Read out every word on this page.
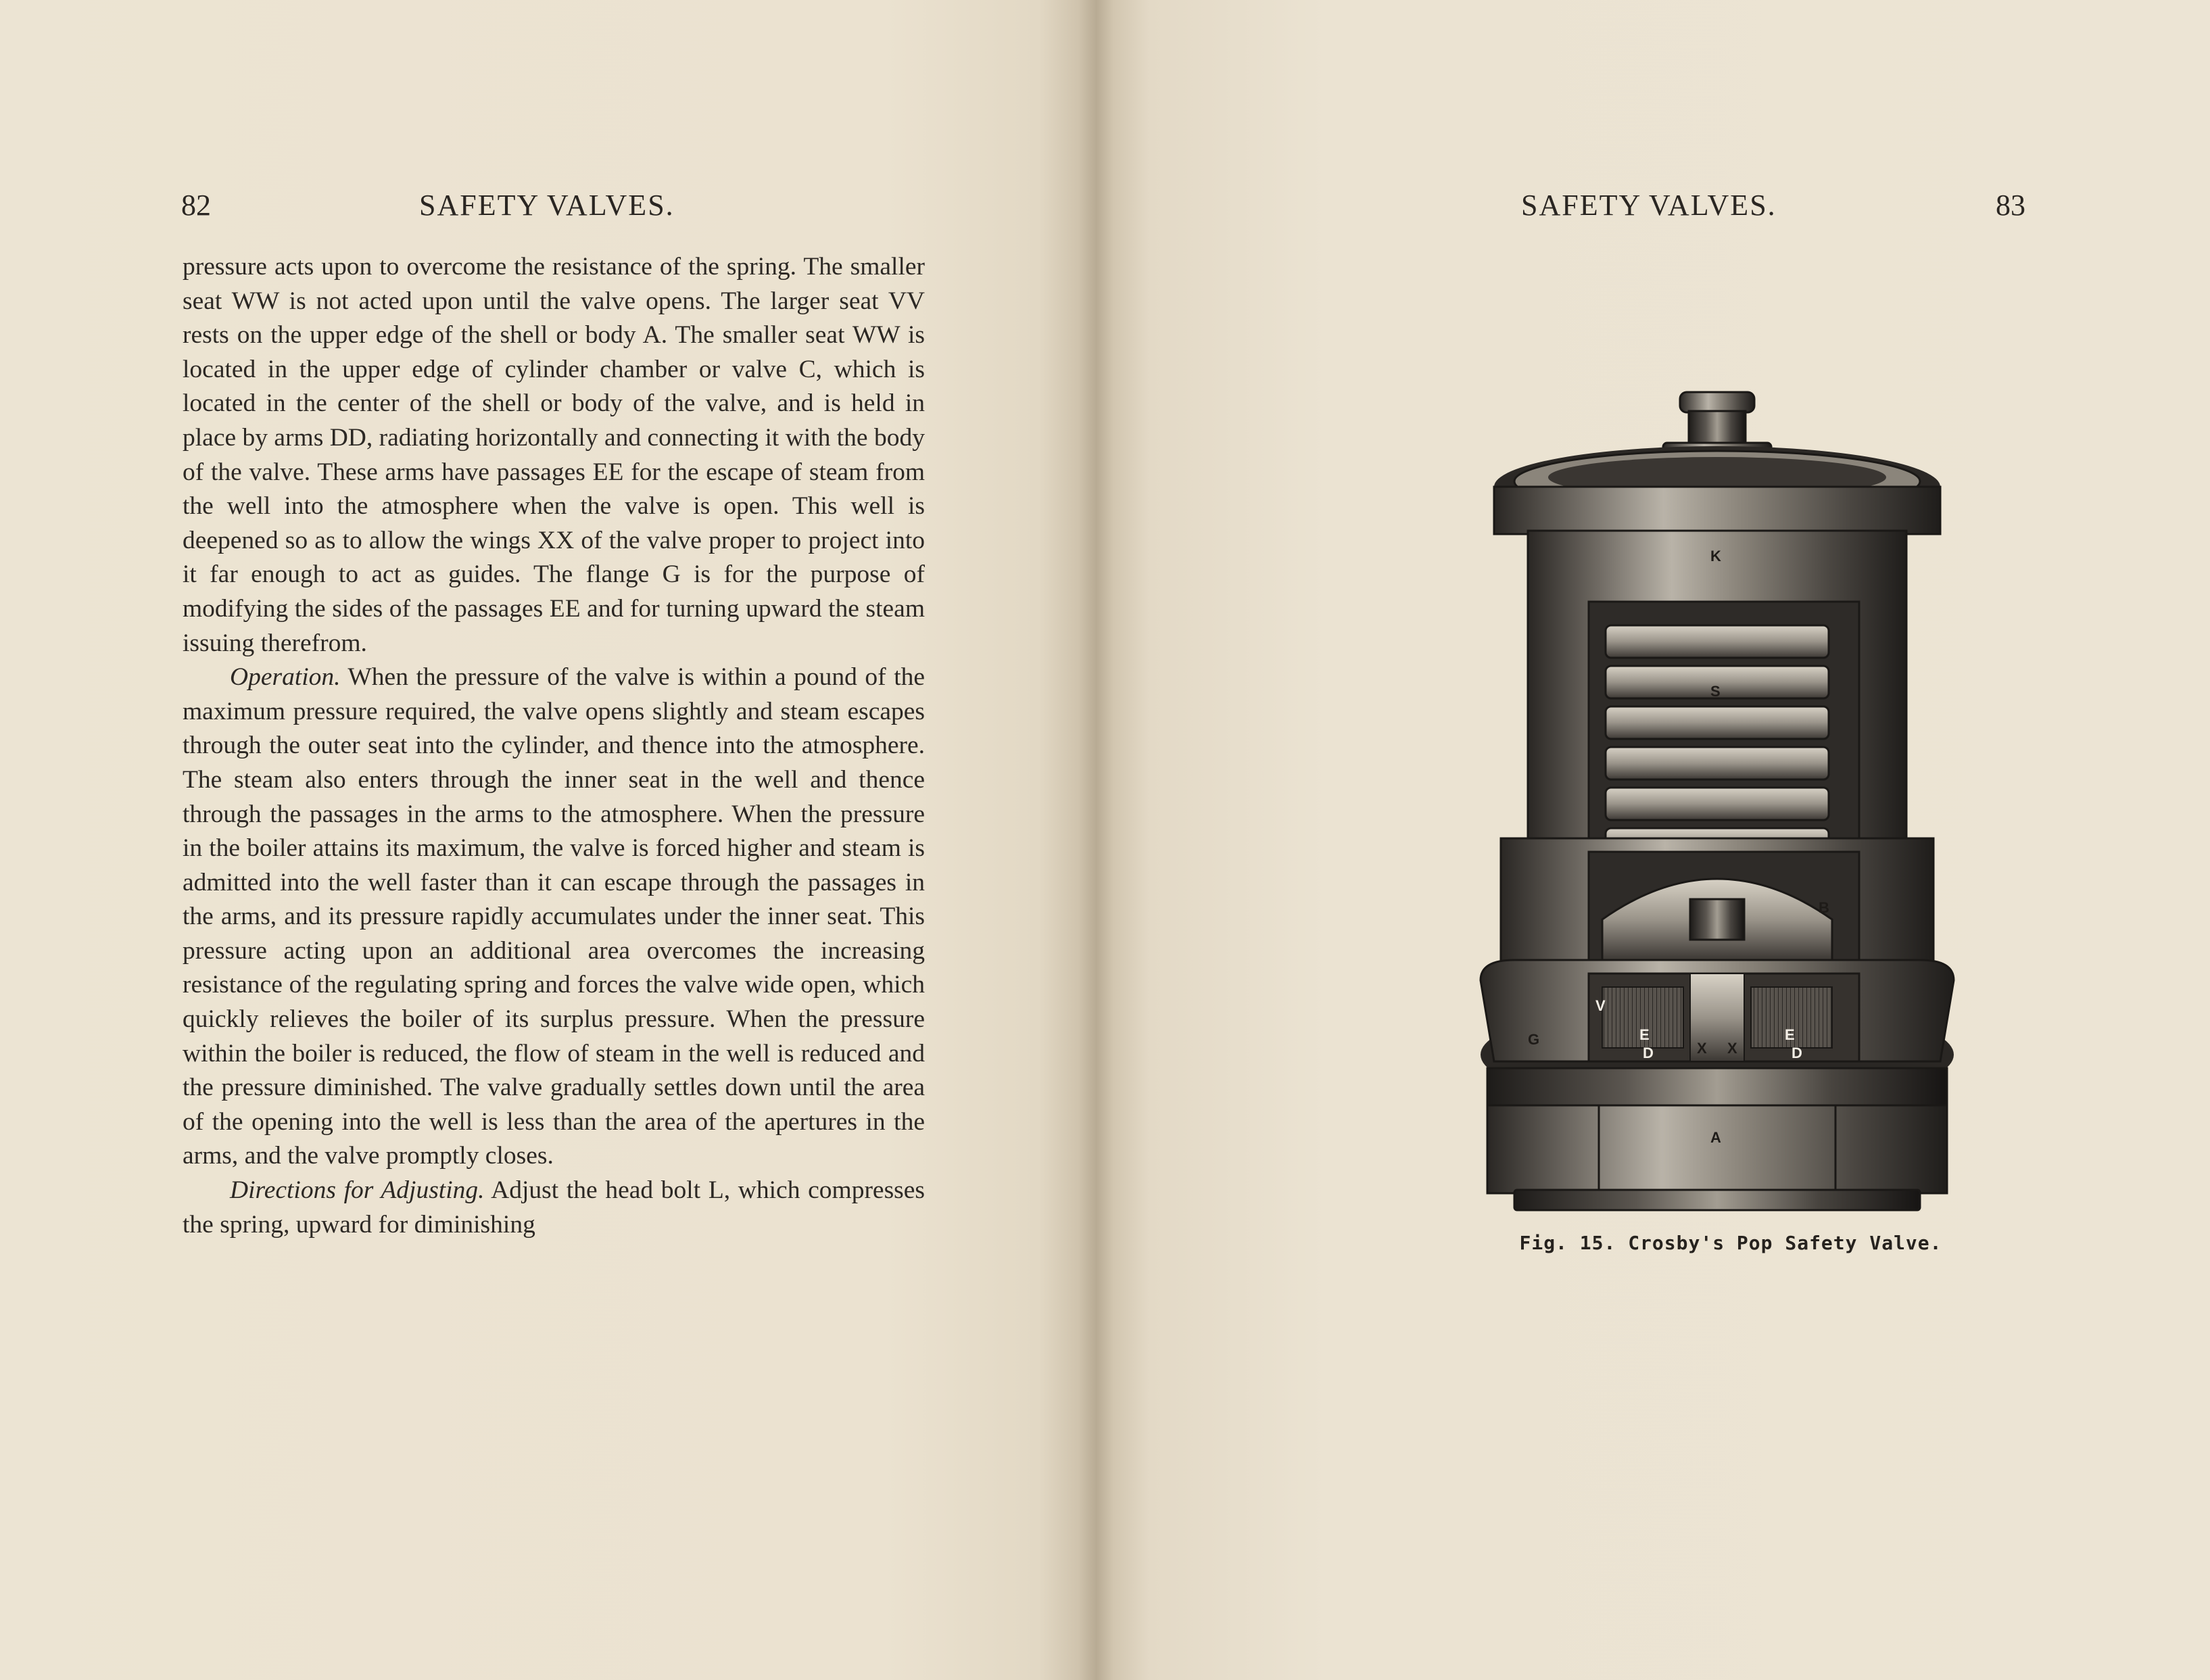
82	SAFETY VALVES.

pressure acts upon to overcome the resistance of the spring. The smaller seat WW is not acted upon until the valve opens. The larger seat VV rests on the upper edge of the shell or body A. The smaller seat WW is located in the upper edge of cylinder chamber or valve C, which is located in the center of the shell or body of the valve, and is held in place by arms DD, radiating horizontally and connecting it with the body of the valve. These arms have passages EE for the escape of steam from the well into the atmosphere when the valve is open. This well is deepened so as to allow the wings XX of the valve proper to project into it far enough to act as guides. The flange G is for the purpose of modifying the sides of the passages EE and for turning upward the steam issuing therefrom.

Operation. When the pressure of the valve is within a pound of the maximum pressure required, the valve opens slightly and steam escapes through the outer seat into the cylinder, and thence into the atmosphere. The steam also enters through the inner seat in the well and thence through the passages in the arms to the atmosphere. When the pressure in the boiler attains its maximum, the valve is forced higher and steam is admitted into the well faster than it can escape through the passages in the arms, and its pressure rapidly accumulates under the inner seat. This pressure acting upon an additional area overcomes the increasing resistance of the regulating spring and forces the valve wide open, which quickly relieves the boiler of its surplus pressure. When the pressure within the boiler is reduced, the flow of steam in the well is reduced and the pressure diminished. The valve gradually settles down until the area of the opening into the well is less than the area of the apertures in the arms, and the valve promptly closes.

Directions for Adjusting. Adjust the head bolt L, which compresses the spring, upward for diminishing

SAFETY VALVES.	83
K
S
B
V
G	E	E
D	D
X X
A
Fig. 15. Crosby's Pop Safety Valve.
